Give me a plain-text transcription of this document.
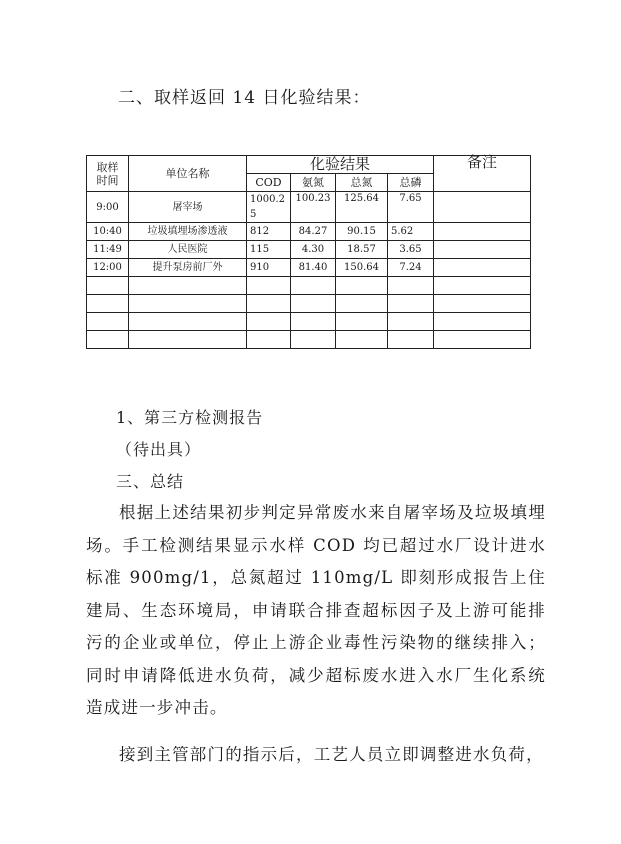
二、取样返回 14 日化验结果：
取样
时间	单位名称	化验结果				备注
		COD	氨氮	总氮	总磷	
9:00	屠宰场	1000.2 5	100.23	125.64	7.65	
10:40	垃圾填埋场渗透液	812	84.27	90.15	5.62	
11:49	人民医院	115	4.30	18.57	3.65	
12:00	提升泵房前厂外	910	81.40	150.64	7.24	

1、第三方检测报告
（待出具）
三、总结
根据上述结果初步判定异常废水来自屠宰场及垃圾填埋场。手工检测结果显示水样 COD 均已超过水厂设计进水标准 900mg/1，总氮超过 110mg/L 即刻形成报告上住建局、生态环境局，申请联合排查超标因子及上游可能排污的企业或单位，停止上游企业毒性污染物的继续排入；同时申请降低进水负荷，减少超标废水进入水厂生化系统造成进一步冲击。
接到主管部门的指示后，工艺人员立即调整进水负荷，
